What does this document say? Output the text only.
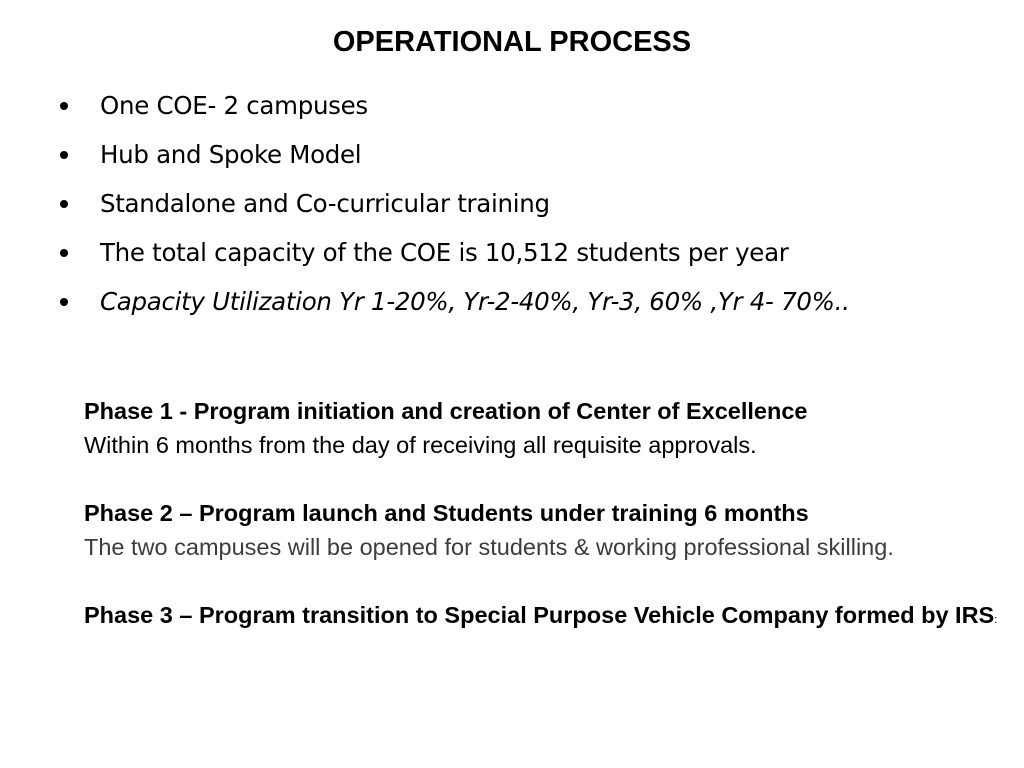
OPERATIONAL PROCESS
One COE- 2 campuses
Hub and Spoke Model
Standalone and Co-curricular training
The total capacity of the COE is 10,512 students per year
Capacity Utilization Yr 1-20%, Yr-2-40%, Yr-3, 60% ,Yr 4- 70%..
Phase 1 - Program initiation and creation of Center of Excellence
Within 6 months from the day of receiving all requisite approvals.
Phase 2 – Program launch and Students under training 6 months
The two campuses will be opened for students & working professional skilling.
Phase 3 – Program transition to Special Purpose Vehicle Company formed by IRS:
